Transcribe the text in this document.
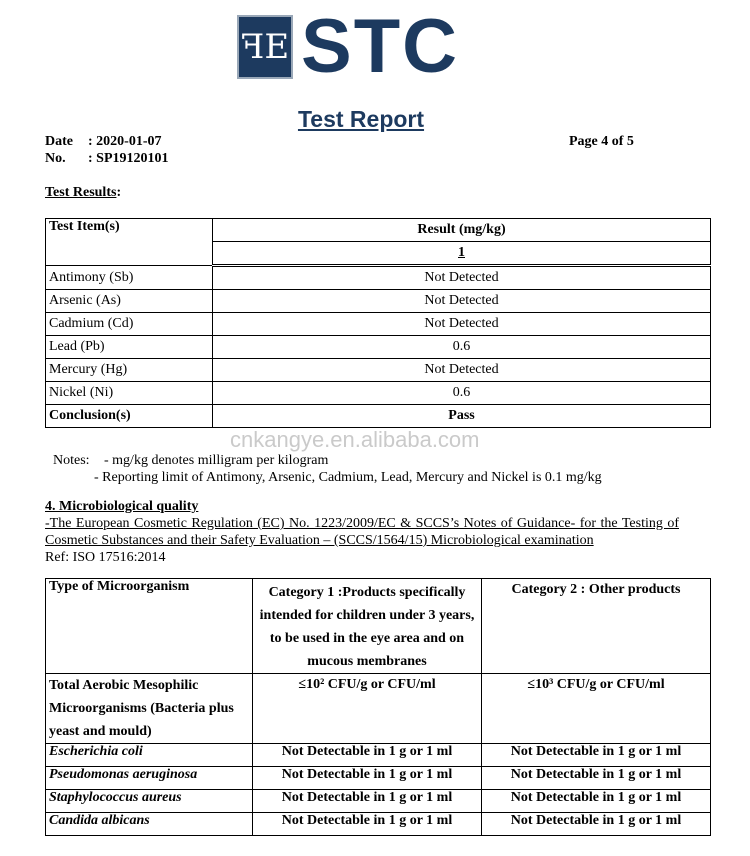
ꟻE STC
Test Report
Date : 2020-01-07
No. : SP19120101
Page 4 of 5
Test Results:
Test Item(s)	Result (mg/kg)
	1
Antimony (Sb)	Not Detected
Arsenic (As)	Not Detected
Cadmium (Cd)	Not Detected
Lead (Pb)	0.6
Mercury (Hg)	Not Detected
Nickel (Ni)	0.6
Conclusion(s)	Pass
cnkangye.en.alibaba.com
Notes: - mg/kg denotes milligram per kilogram
- Reporting limit of Antimony, Arsenic, Cadmium, Lead, Mercury and Nickel is 0.1 mg/kg
4. Microbiological quality
-The European Cosmetic Regulation (EC) No. 1223/2009/EC & SCCS’s Notes of Guidance- for the Testing of Cosmetic Substances and their Safety Evaluation – (SCCS/1564/15) Microbiological examination
Ref: ISO 17516:2014
Type of Microorganism	Category 1 :Products specifically intended for children under 3 years, to be used in the eye area and on mucous membranes	Category 2 : Other products
Total Aerobic Mesophilic Microorganisms (Bacteria plus yeast and mould)	≤10² CFU/g or CFU/ml	≤10³ CFU/g or CFU/ml
Escherichia coli	Not Detectable in 1 g or 1 ml	Not Detectable in 1 g or 1 ml
Pseudomonas aeruginosa	Not Detectable in 1 g or 1 ml	Not Detectable in 1 g or 1 ml
Staphylococcus aureus	Not Detectable in 1 g or 1 ml	Not Detectable in 1 g or 1 ml
Candida albicans	Not Detectable in 1 g or 1 ml	Not Detectable in 1 g or 1 ml
